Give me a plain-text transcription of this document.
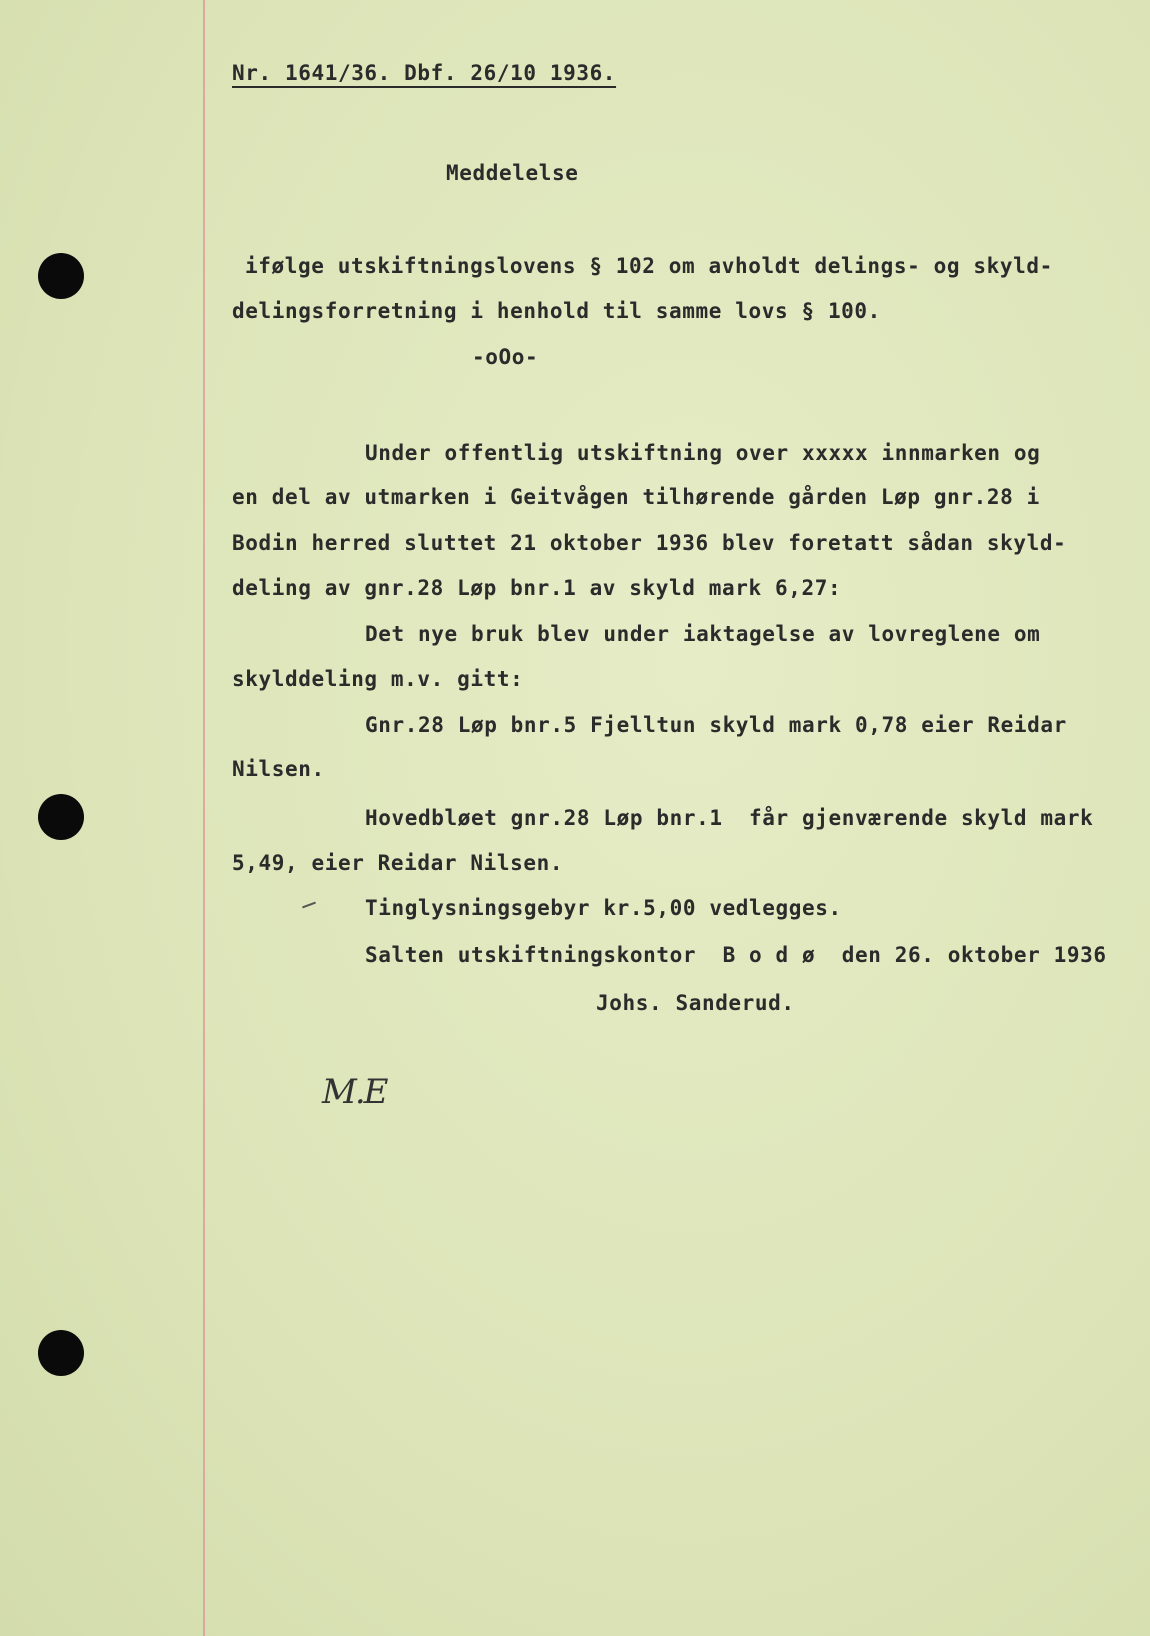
Nr. 1641/36. Dbf. 26/10 1936.
Meddelelse
ifølge utskiftningslovens § 102 om avholdt delings- og skyld-
delingsforretning i henhold til samme lovs § 100.
-oOo-
Under offentlig utskiftning over xxxxx innmarken og
en del av utmarken i Geitvågen tilhørende gården Løp gnr.28 i
Bodin herred sluttet 21 oktober 1936 blev foretatt sådan skyld-
deling av gnr.28 Løp bnr.1 av skyld mark 6,27:
Det nye bruk blev under iaktagelse av lovreglene om
skylddeling m.v. gitt:
Gnr.28 Løp bnr.5 Fjelltun skyld mark 0,78 eier Reidar
Nilsen.
Hovedbløet gnr.28 Løp bnr.1  får gjenværende skyld mark
5,49, eier Reidar Nilsen.
Tinglysningsgebyr kr.5,00 vedlegges.
Salten utskiftningskontor  B o d ø  den 26. oktober 1936
Johs. Sanderud.
M.E
